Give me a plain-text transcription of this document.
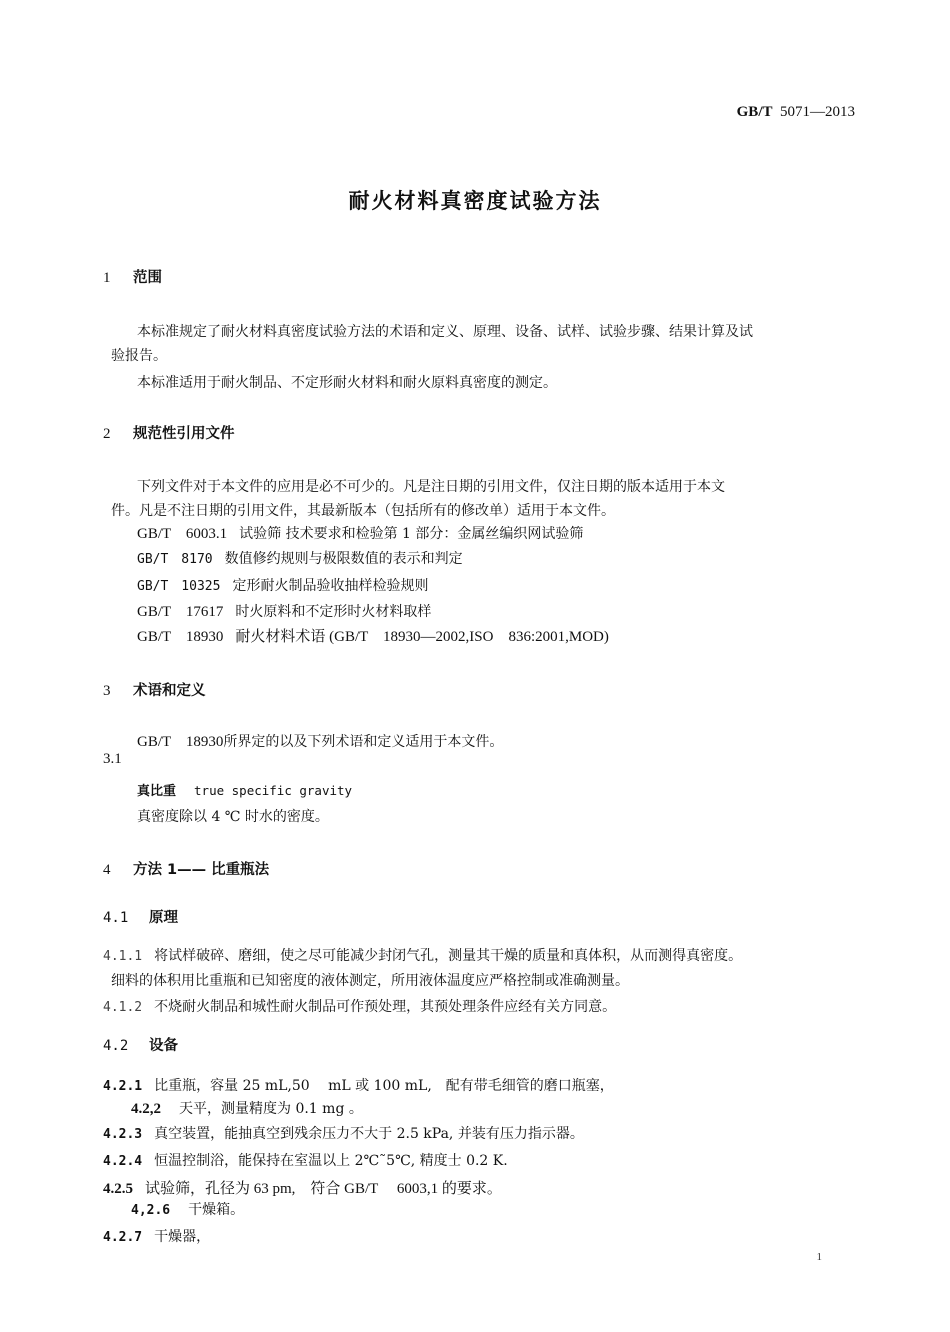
GB/T 5071—2013
耐火材料真密度试验方法
1 范围
本标准规定了耐火材料真密度试验方法的术语和定义、原理、设备、试样、试验步骤、结果计算及试
验报告。
本标准适用于耐火制品、不定形耐火材料和耐火原料真密度的测定。
2 规范性引用文件
下列文件对于本文件的应用是必不可少的。凡是注日期的引用文件，仅注日期的版本适用于本文
件。凡是不注日期的引用文件，其最新版本（包括所有的修改单）适用于本文件。
GB/T　6003.1 试验筛 技术要求和检验第 1 部分：金属丝编织网试验筛
GB/T　8170 数值修约规则与极限数值的表示和判定
GB/T　10325 定形耐火制品验收抽样检验规则
GB/T　17617 时火原料和不定形时火材料取样
GB/T　18930 耐火材料术语 (GB/T　18930—2002,ISO　836:2001,MOD)
3 术语和定义
GB/T　18930所界定的以及下列术语和定义适用于本文件。
3.1
真比重 true specific gravity
真密度除以 4 ℃ 时水的密度。
4 方法 1—— 比重瓶法
4.1 原理
4.1.1 将试样破碎、磨细，使之尽可能减少封闭气孔，测量其干燥的质量和真体积，从而测得真密度。
细料的体积用比重瓶和已知密度的液体测定，所用液体温度应严格控制或准确测量。
4.1.2 不烧耐火制品和城性耐火制品可作预处理，其预处理条件应经有关方同意。
4.2 设备
4.2.1 比重瓶，容量 25 mL,50　 mL 或 100 mL,　配有带毛细管的磨口瓶塞，
4.2,2 天平，测量精度为 0.1 mg 。
4.2.3 真空装置，能抽真空到残余压力不大于 2.5 kPa, 并装有压力指示器。
4.2.4 恒温控制浴，能保持在室温以上 2℃˜5℃, 精度士 0.2 K.
4.2.5 试验筛，孔径为 63 pm,　符合 GB/T　 6003,1 的要求。
4,2.6 干燥箱。
4.2.7 干燥器，
1
